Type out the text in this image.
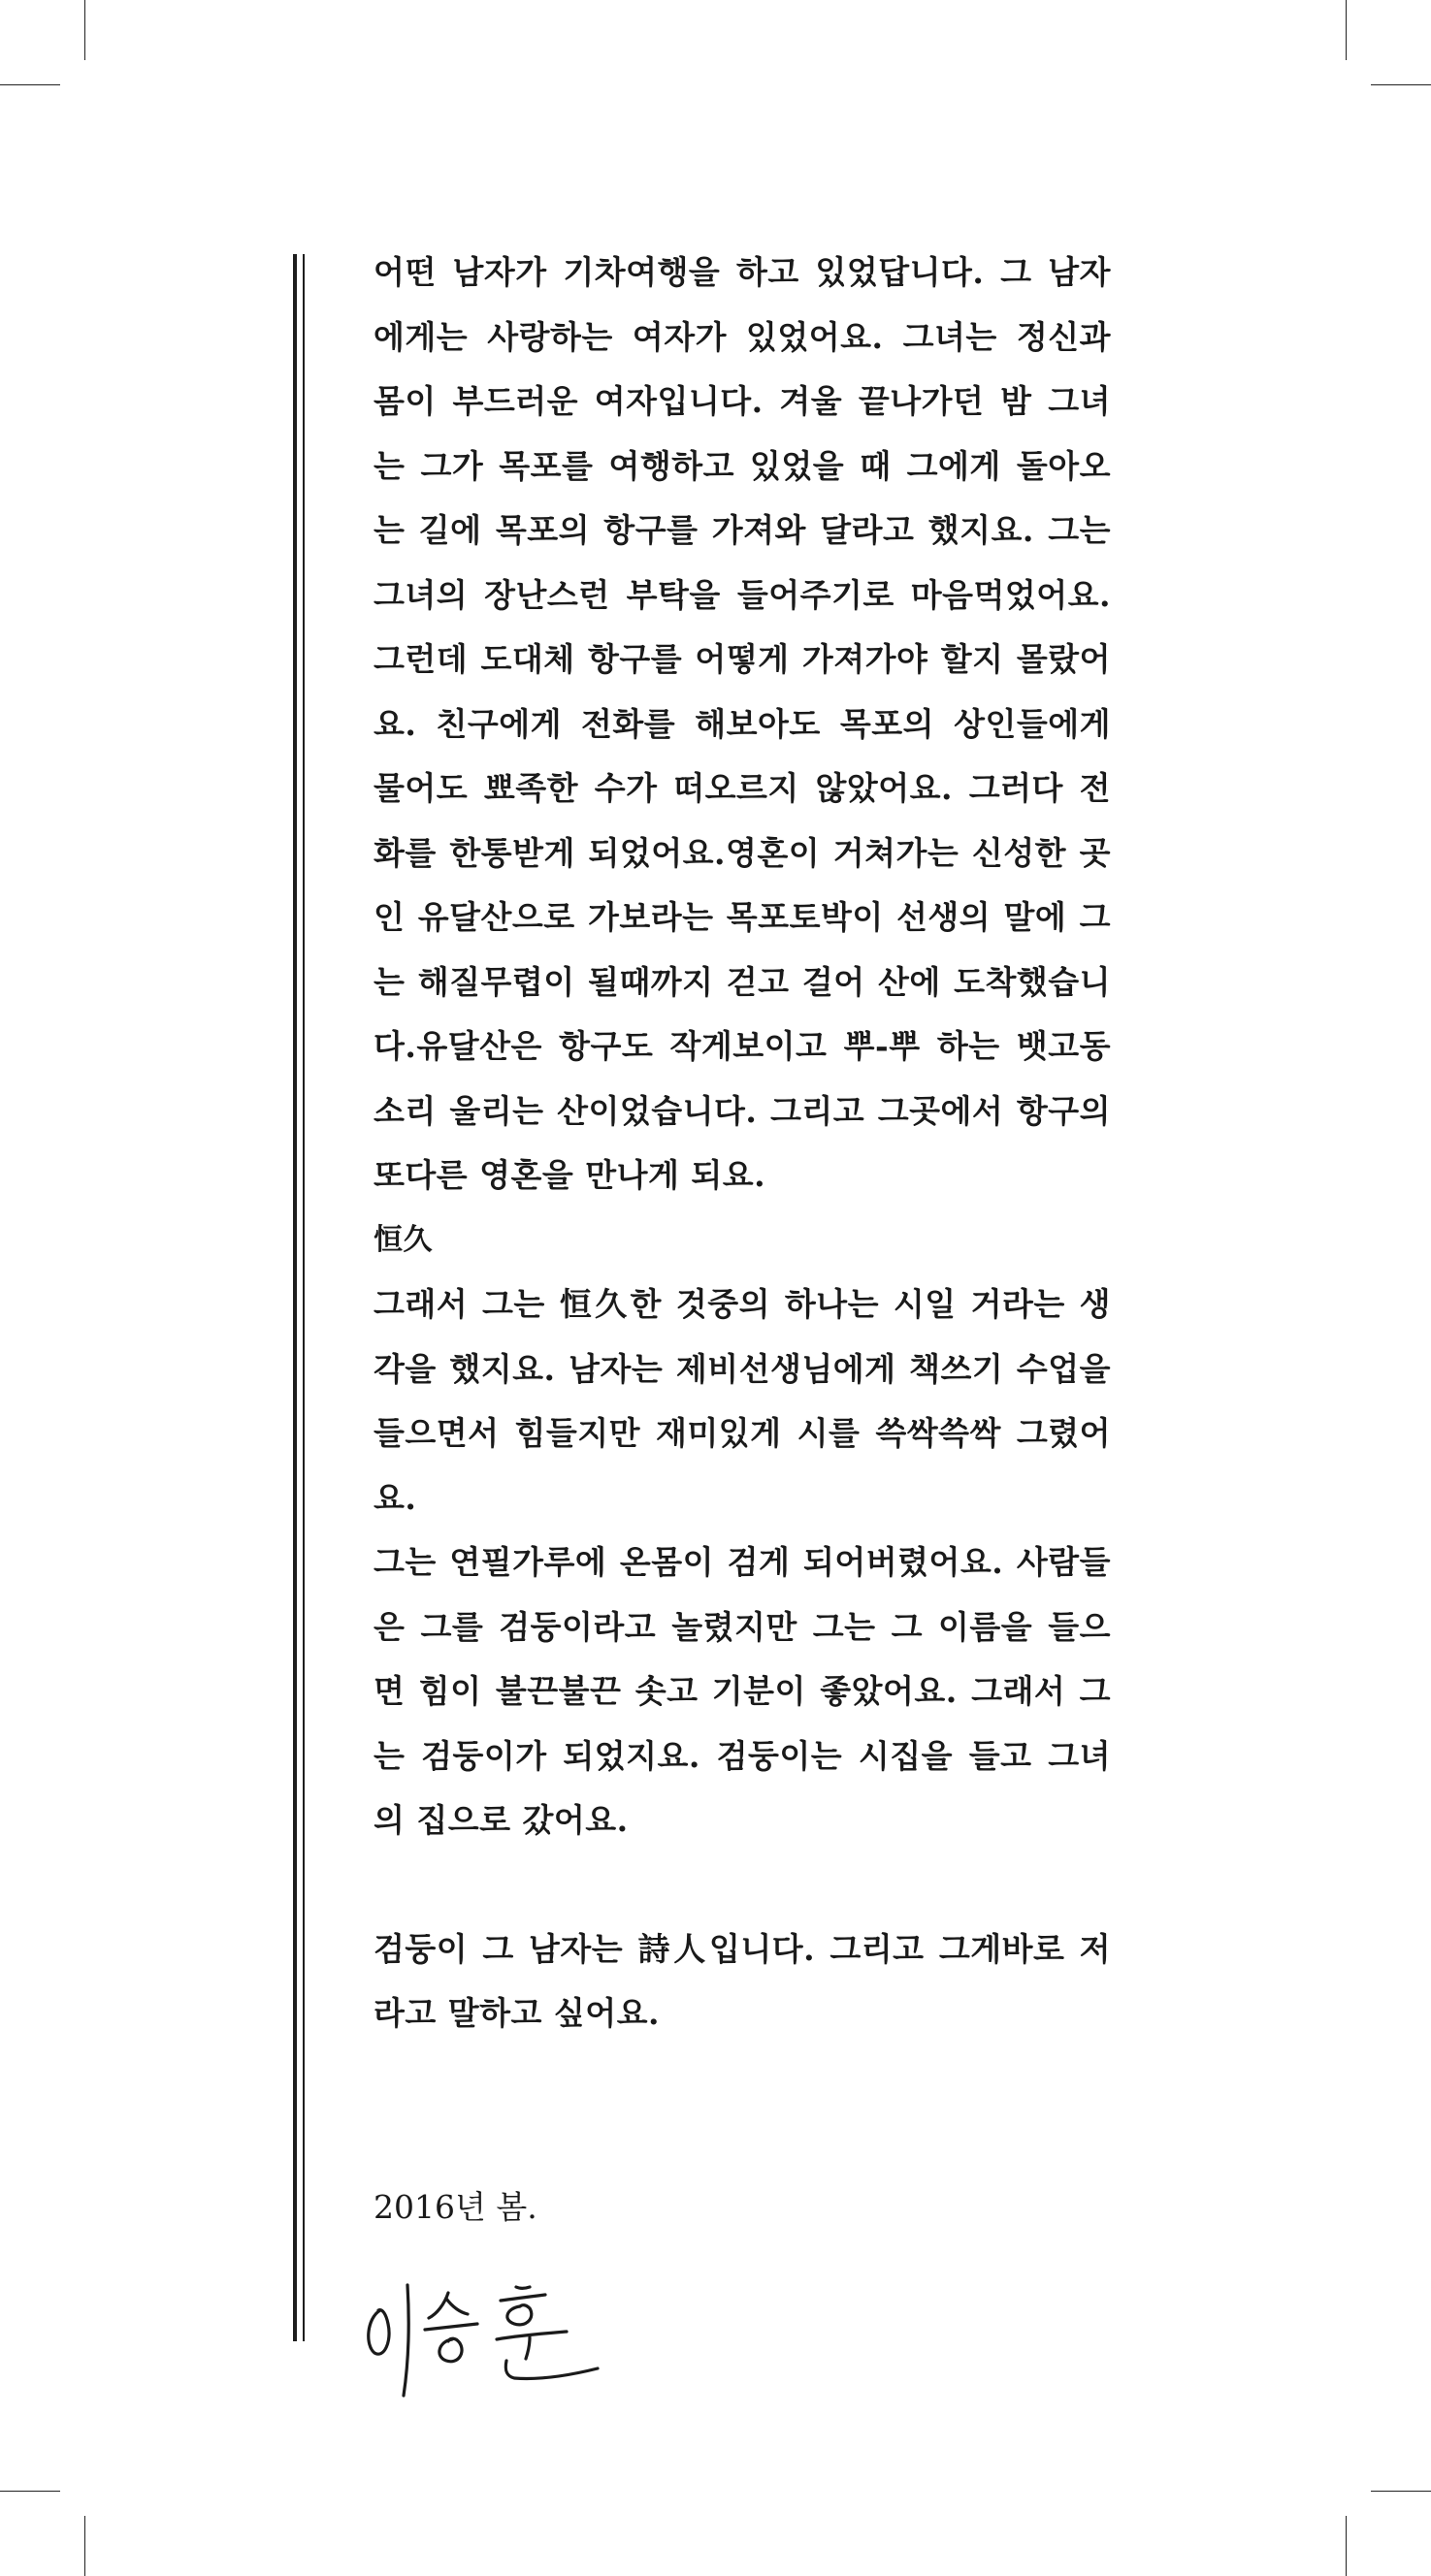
어떤 남자가 기차여행을 하고 있었답니다. 그 남자에게는 사랑하는 여자가 있었어요. 그녀는 정신과 몸이 부드러운 여자입니다. 겨울 끝나가던 밤 그녀는 그가 목포를 여행하고 있었을 때 그에게 돌아오는 길에 목포의 항구를 가져와 달라고 했지요. 그는 그녀의 장난스런 부탁을 들어주기로 마음먹었어요. 그런데 도대체 항구를 어떻게 가져가야 할지 몰랐어요. 친구에게 전화를 해보아도 목포의 상인들에게 물어도 뾰족한 수가 떠오르지 않았어요. 그러다 전화를 한통받게 되었어요.영혼이 거쳐가는 신성한 곳인 유달산으로 가보라는 목포토박이 선생의 말에 그는 해질무렵이 될때까지 걷고 걸어 산에 도착했습니다.유달산은 항구도 작게보이고 뿌-뿌 하는 뱃고동소리 울리는 산이었습니다. 그리고 그곳에서 항구의 또다른 영혼을 만나게 되요.

恒久

그래서 그는 恒久한 것중의 하나는 시일 거라는 생각을 했지요. 남자는 제비선생님에게 책쓰기 수업을 들으면서 힘들지만 재미있게 시를 쓱싹쓱싹 그렸어요.

그는 연필가루에 온몸이 검게 되어버렸어요. 사람들은 그를 검둥이라고 놀렸지만 그는 그 이름을 들으면 힘이 불끈불끈 솟고 기분이 좋았어요. 그래서 그는 검둥이가 되었지요. 검둥이는 시집을 들고 그녀의 집으로 갔어요.

검둥이 그 남자는 詩人입니다. 그리고 그게바로 저라고 말하고 싶어요.

2016년 봄.
